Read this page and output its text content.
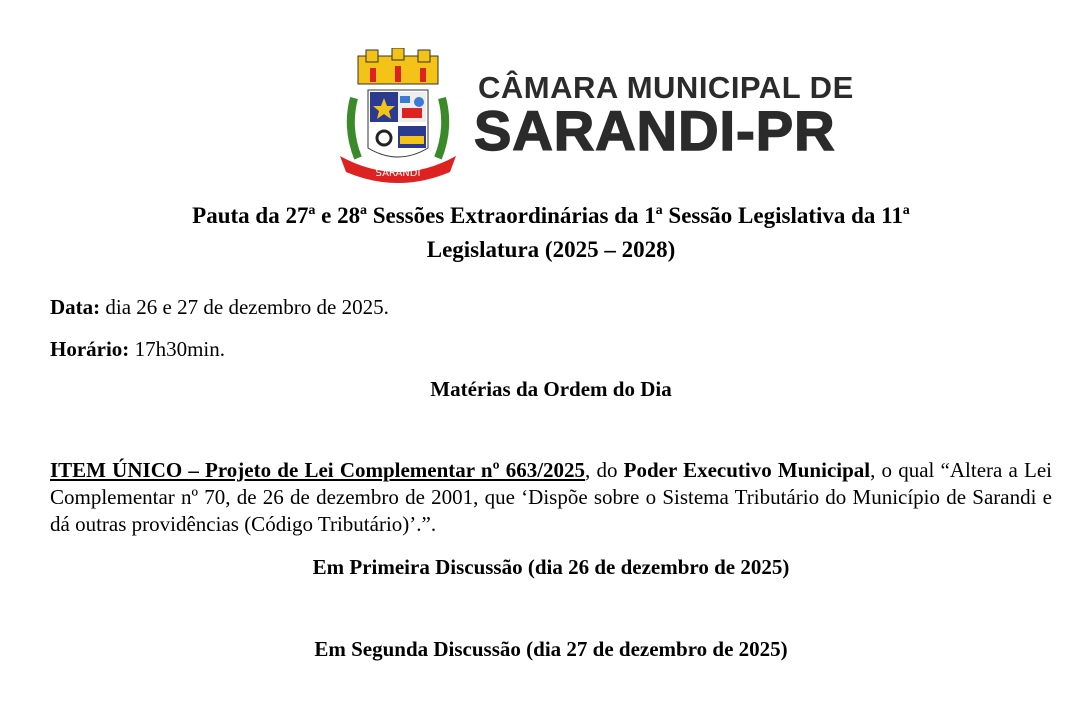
SARANDI
CÂMARA MUNICIPAL DE
SARANDI-PR
Pauta da 27ª e 28ª Sessões Extraordinárias da 1ª Sessão Legislativa da 11ª
Legislatura (2025 – 2028)
Data: dia 26 e 27 de dezembro de 2025.
Horário: 17h30min.
Matérias da Ordem do Dia
ITEM ÚNICO – Projeto de Lei Complementar nº 663/2025, do Poder Executivo Municipal, o qual “Altera a Lei Complementar nº 70, de 26 de dezembro de 2001, que ‘Dispõe sobre o Sistema Tributário do Município de Sarandi e dá outras providências (Código Tributário)’.”.
Em Primeira Discussão (dia 26 de dezembro de 2025)
Em Segunda Discussão (dia 27 de dezembro de 2025)
